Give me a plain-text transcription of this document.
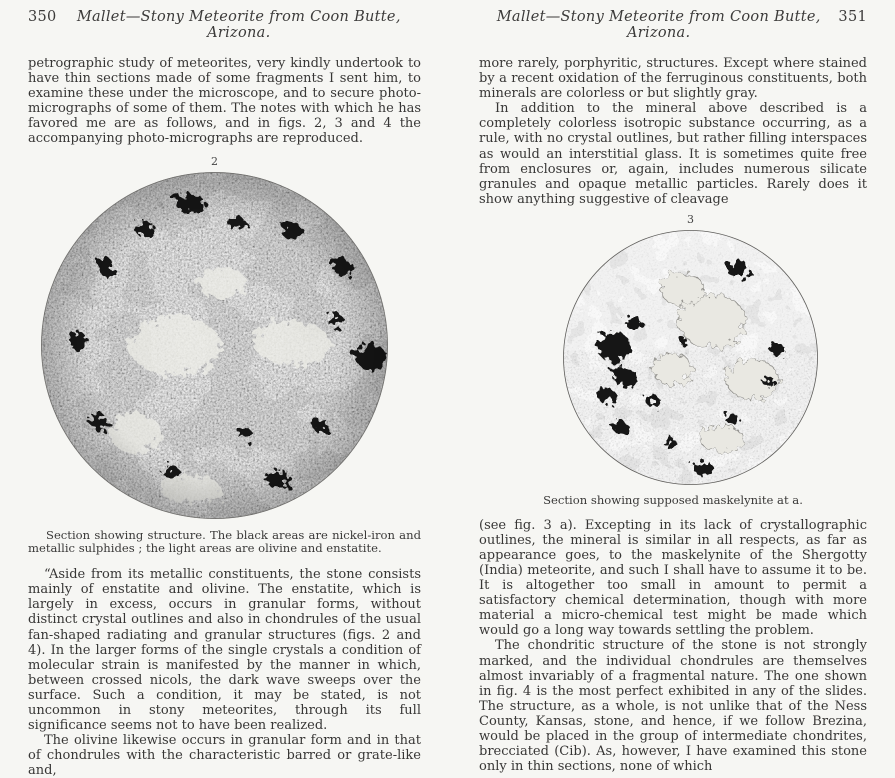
350	Mallet—Stony Meteorite from Coon Butte, Arizona.

petrographic study of meteorites, very kindly undertook to have thin sections made of some fragments I sent him, to examine these under the microscope, and to secure photo-micrographs of some of them. The notes with which he has favored me are as follows, and in figs. 2, 3 and 4 the accompanying photo-micrographs are reproduced.

2
Section showing structure. The black areas are nickel-iron and metallic sulphides ; the light areas are olivine and enstatite.

“Aside from its metallic constituents, the stone consists mainly of enstatite and olivine. The enstatite, which is largely in excess, occurs in granular forms, without distinct crystal outlines and also in chondrules of the usual fan-shaped radiating and granular structures (figs. 2 and 4). In the larger forms of the single crystals a condition of molecular strain is manifested by the manner in which, between crossed nicols, the dark wave sweeps over the surface. Such a condition, it may be stated, is not uncommon in stony meteorites, through its full significance seems not to have been realized.

The olivine likewise occurs in granular form and in that of chondrules with the characteristic barred or grate-like and,

Mallet—Stony Meteorite from Coon Butte, Arizona.
351

more rarely, porphyritic, structures. Except where stained by a recent oxidation of the ferruginous constituents, both minerals are colorless or but slightly gray.

In addition to the mineral above described is a completely colorless isotropic substance occurring, as a rule, with no crystal outlines, but rather filling interspaces as would an interstitial glass. It is sometimes quite free from enclosures or, again, includes numerous silicate granules and opaque metallic particles. Rarely does it show anything suggestive of cleavage

3
Section showing supposed maskelynite at a.

(see fig. 3 a). Excepting in its lack of crystallographic outlines, the mineral is similar in all respects, as far as appearance goes, to the maskelynite of the Shergotty (India) meteorite, and such I shall have to assume it to be. It is altogether too small in amount to permit a satisfactory chemical determination, though with more material a micro-chemical test might be made which would go a long way towards settling the problem.

The chondritic structure of the stone is not strongly marked, and the individual chondrules are themselves almost invariably of a fragmental nature. The one shown in fig. 4 is the most perfect exhibited in any of the slides. The structure, as a whole, is not unlike that of the Ness County, Kansas, stone, and hence, if we follow Brezina, would be placed in the group of intermediate chondrites, brecciated (Cib). As, however, I have examined this stone only in thin sections, none of which
